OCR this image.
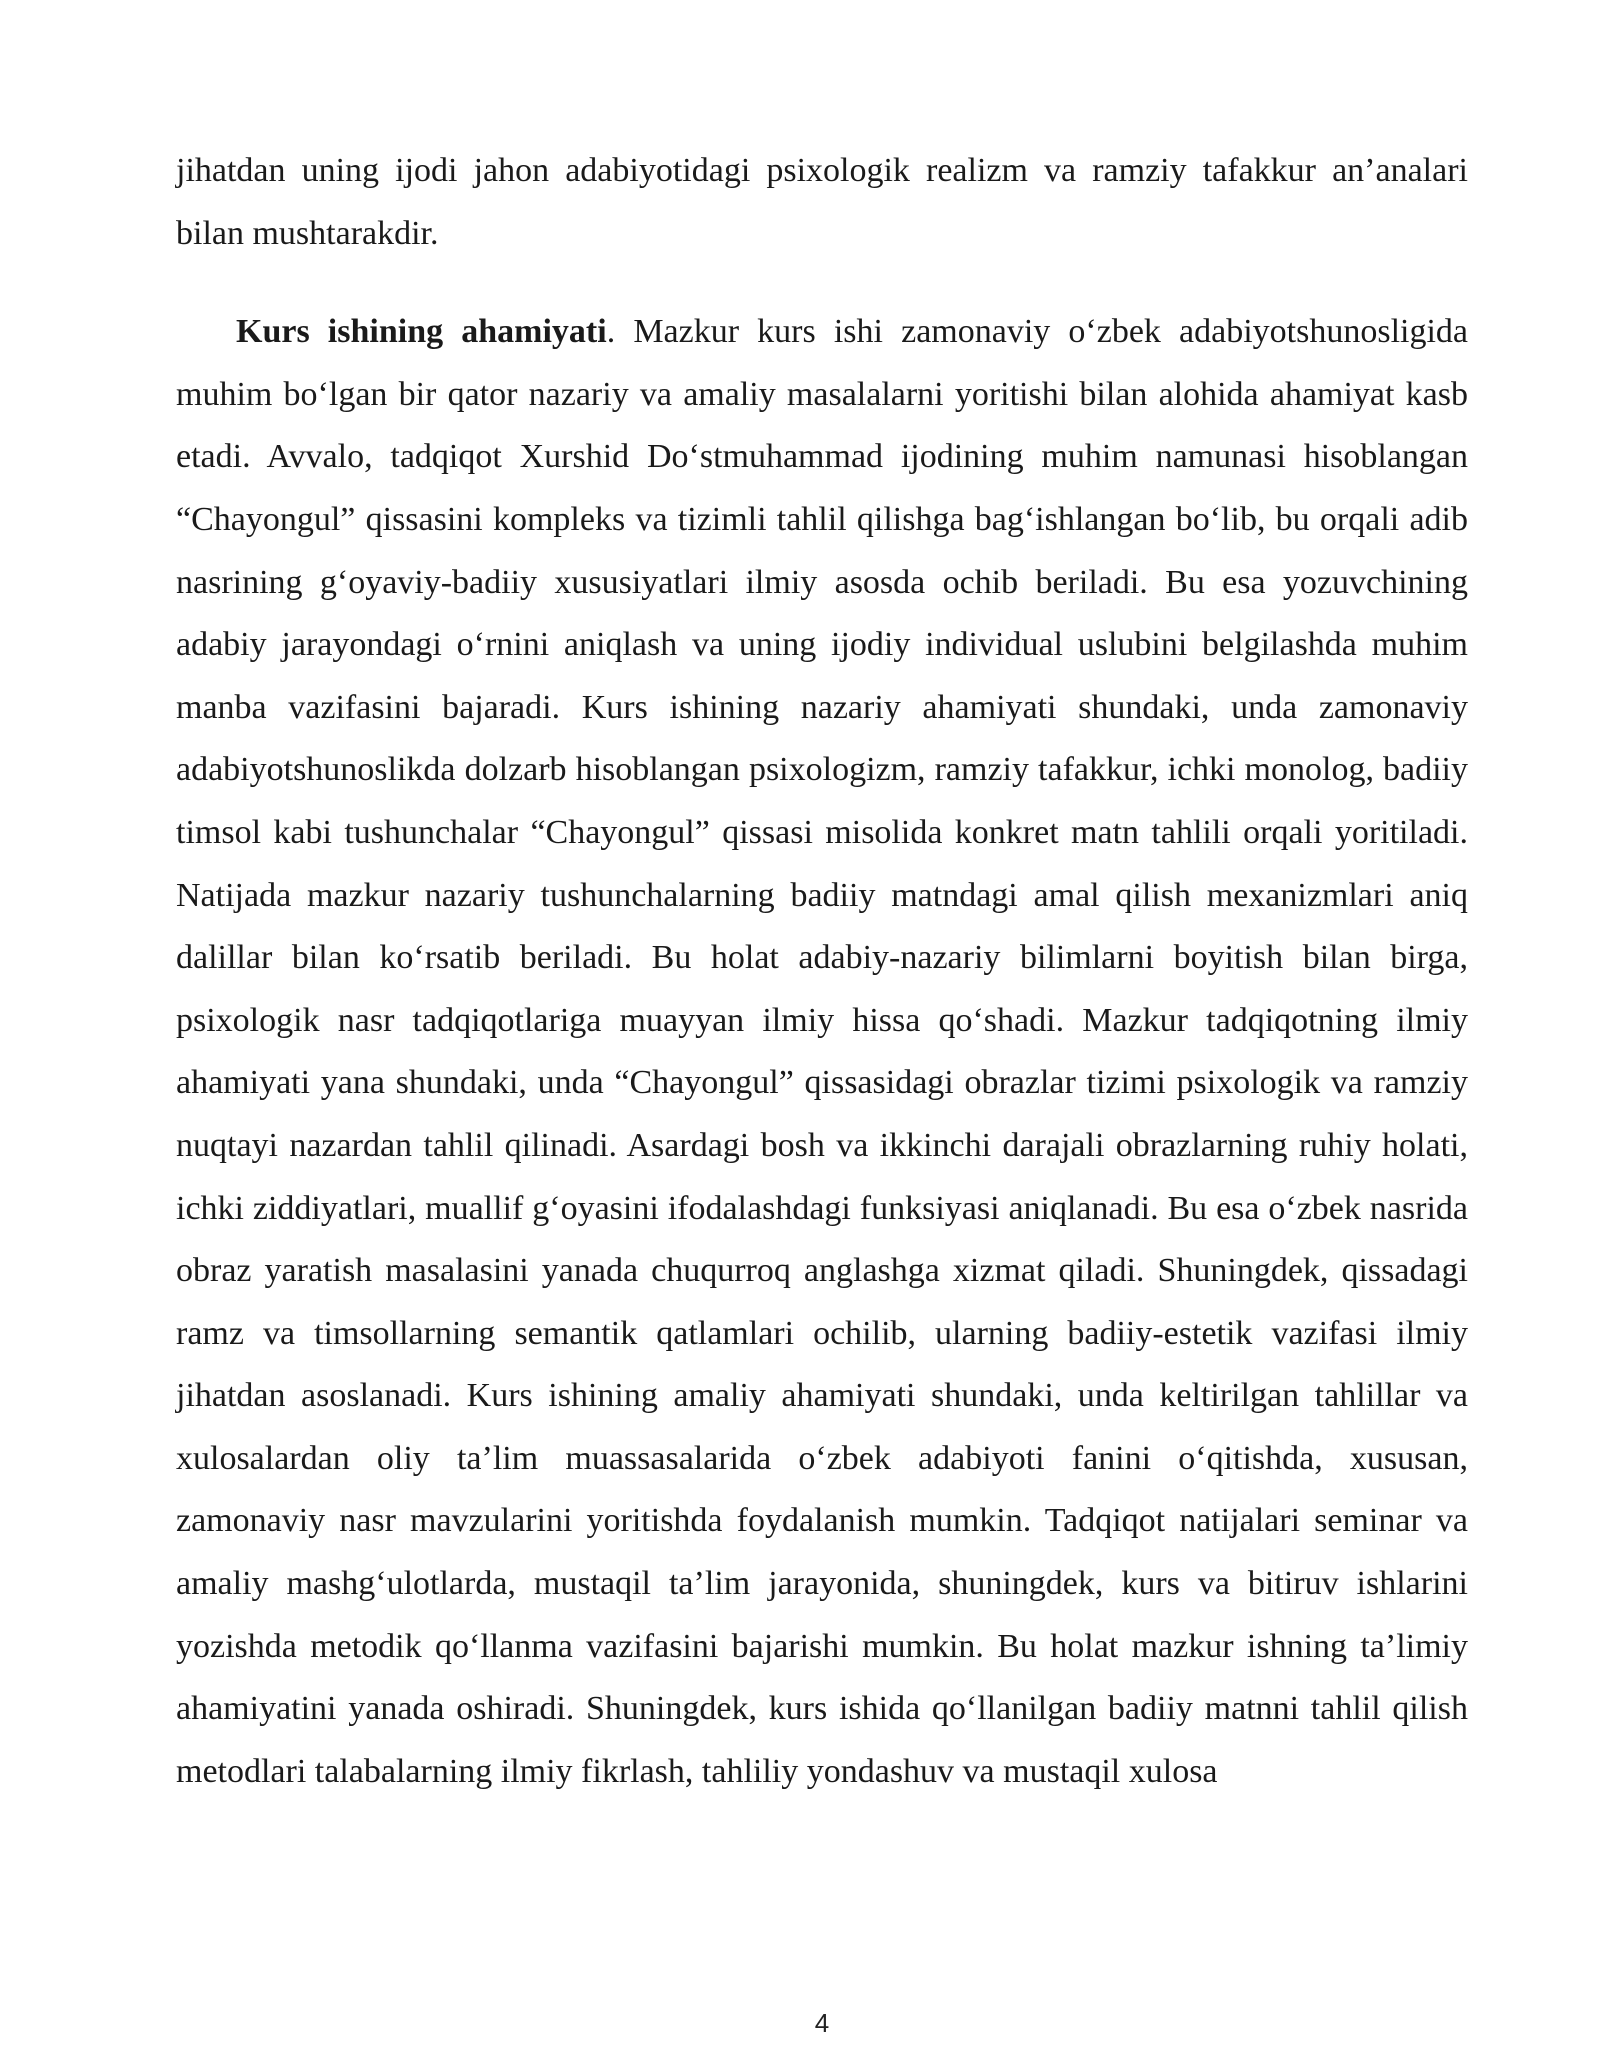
jihatdan uning ijodi jahon adabiyotidagi psixologik realizm va ramziy tafakkur an’analari bilan mushtarakdir.

Kurs ishining ahamiyati. Mazkur kurs ishi zamonaviy o‘zbek adabiyotshunosligida muhim bo‘lgan bir qator nazariy va amaliy masalalarni yoritishi bilan alohida ahamiyat kasb etadi. Avvalo, tadqiqot Xurshid Do‘stmuhammad ijodining muhim namunasi hisoblangan “Chayongul” qissasini kompleks va tizimli tahlil qilishga bag‘ishlangan bo‘lib, bu orqali adib nasrining g‘oyaviy-badiiy xususiyatlari ilmiy asosda ochib beriladi. Bu esa yozuvchining adabiy jarayondagi o‘rnini aniqlash va uning ijodiy individual uslubini belgilashda muhim manba vazifasini bajaradi. Kurs ishining nazariy ahamiyati shundaki, unda zamonaviy adabiyotshunoslikda dolzarb hisoblangan psixologizm, ramziy tafakkur, ichki monolog, badiiy timsol kabi tushunchalar “Chayongul” qissasi misolida konkret matn tahlili orqali yoritiladi. Natijada mazkur nazariy tushunchalarning badiiy matndagi amal qilish mexanizmlari aniq dalillar bilan ko‘rsatib beriladi. Bu holat adabiy-nazariy bilimlarni boyitish bilan birga, psixologik nasr tadqiqotlariga muayyan ilmiy hissa qo‘shadi. Mazkur tadqiqotning ilmiy ahamiyati yana shundaki, unda “Chayongul” qissasidagi obrazlar tizimi psixologik va ramziy nuqtayi nazardan tahlil qilinadi. Asardagi bosh va ikkinchi darajali obrazlarning ruhiy holati, ichki ziddiyatlari, muallif g‘oyasini ifodalashdagi funksiyasi aniqlanadi. Bu esa o‘zbek nasrida obraz yaratish masalasini yanada chuqurroq anglashga xizmat qiladi. Shuningdek, qissadagi ramz va timsollarning semantik qatlamlari ochilib, ularning badiiy-estetik vazifasi ilmiy jihatdan asoslanadi. Kurs ishining amaliy ahamiyati shundaki, unda keltirilgan tahlillar va xulosalardan oliy ta’lim muassasalarida o‘zbek adabiyoti fanini o‘qitishda, xususan, zamonaviy nasr mavzularini yoritishda foydalanish mumkin. Tadqiqot natijalari seminar va amaliy mashg‘ulotlarda, mustaqil ta’lim jarayonida, shuningdek, kurs va bitiruv ishlarini yozishda metodik qo‘llanma vazifasini bajarishi mumkin. Bu holat mazkur ishning ta’limiy ahamiyatini yanada oshiradi. Shuningdek, kurs ishida qo‘llanilgan badiiy matnni tahlil qilish metodlari talabalarning ilmiy fikrlash, tahliliy yondashuv va mustaqil xulosa

4
